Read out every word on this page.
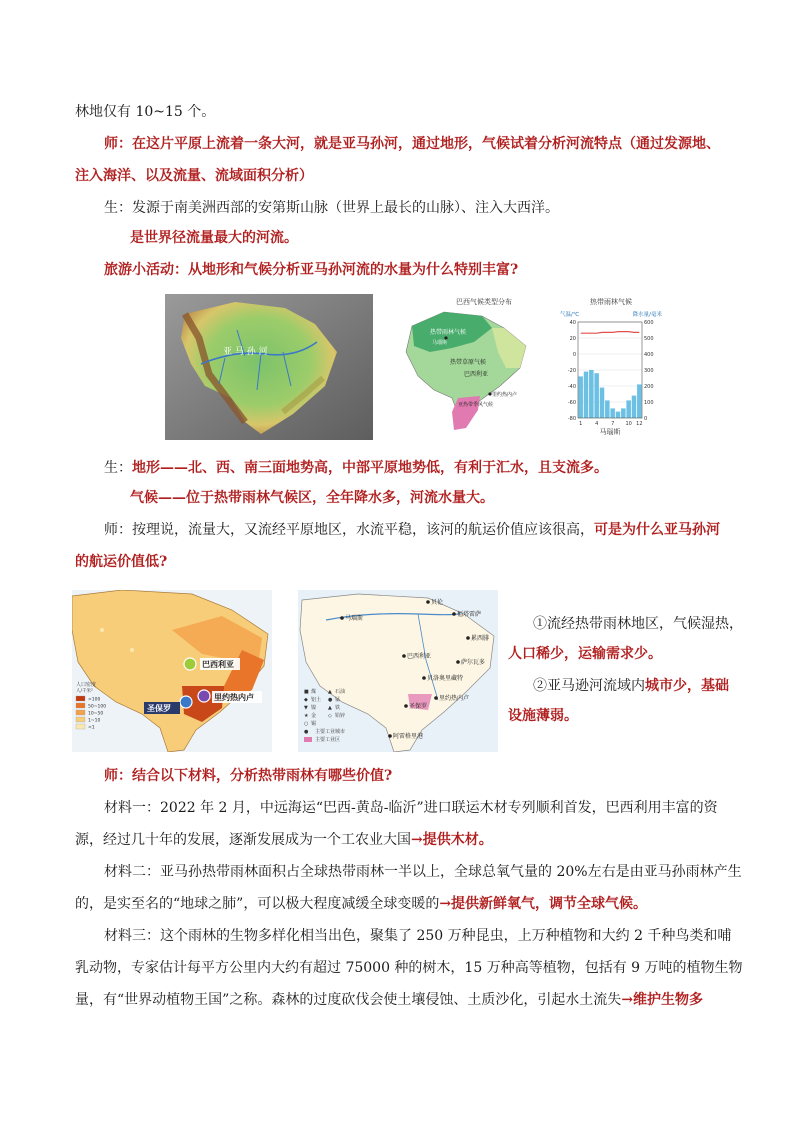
林地仅有 10~15 个。
师：在这片平原上流着一条大河，就是亚马孙河，通过地形，气候试着分析河流特点（通过发源地、
注入海洋、以及流量、流域面积分析）
生：发源于南美洲西部的安第斯山脉（世界上最长的山脉）、注入大西洋。
是世界径流量最大的河流。
旅游小活动：从地形和气候分析亚马孙河流的水量为什么特别丰富?
亚 马 孙 河
巴西气候类型分布
热带雨林气候
热带草原气候
巴西利亚
亚热带季风气候
马瑙斯
里约热内卢
热带雨林气候
气温/℃	降水量/毫米
40
20
0
-20
-40
-60
-80
600
500
400
300
200
100
0
1	4	7 10 12
马瑙斯
生：地形——北、西、南三面地势高，中部平原地势低，有利于汇水，且支流多。
气候——位于热带雨林气候区，全年降水多，河流水量大。
师：按理说，流量大，又流经平原地区，水流平稳，该河的航运价值应该很高，可是为什么亚马孙河
的航运价值低?
巴西利亚
里约热内卢
圣保罗
人口密度
人/千米²
>100
50~100
10~50
1~10
<1
马瑙斯
贝伦
福塔雷萨
累西腓
萨尔瓦多
巴西利亚
贝洛奥里藏特
里约热内卢
圣保罗
阿雷格里港
■ 煤 ▲ 石油
◆ 铝土 ● 锰
▼ 镍 ▲ 铁
★ 金 ◇ 铅锌
○ 锡
● 主要工业城市
主要工业区
①流经热带雨林地区，气候湿热，
人口稀少，运输需求少。
②亚马逊河流域内城市少，基础
设施薄弱。
师：结合以下材料，分析热带雨林有哪些价值?
材料一：2022 年 2 月，中远海运“巴西-黄岛-临沂”进口联运木材专列顺利首发，巴西利用丰富的资
源，经过几十年的发展，逐渐发展成为一个工农业大国→提供木材。
材料二：亚马孙热带雨林面积占全球热带雨林一半以上，全球总氧气量的 20%左右是由亚马孙雨林产生
的，是实至名的“地球之肺”，可以极大程度减缓全球变暖的→提供新鲜氧气，调节全球气候。
材料三：这个雨林的生物多样化相当出色，聚集了 250 万种昆虫，上万种植物和大约 2 千种鸟类和哺
乳动物，专家估计每平方公里内大约有超过 75000 种的树木，15 万种高等植物，包括有 9 万吨的植物生物
量，有“世界动植物王国”之称。森林的过度砍伐会使土壤侵蚀、土质沙化，引起水土流失→维护生物多
